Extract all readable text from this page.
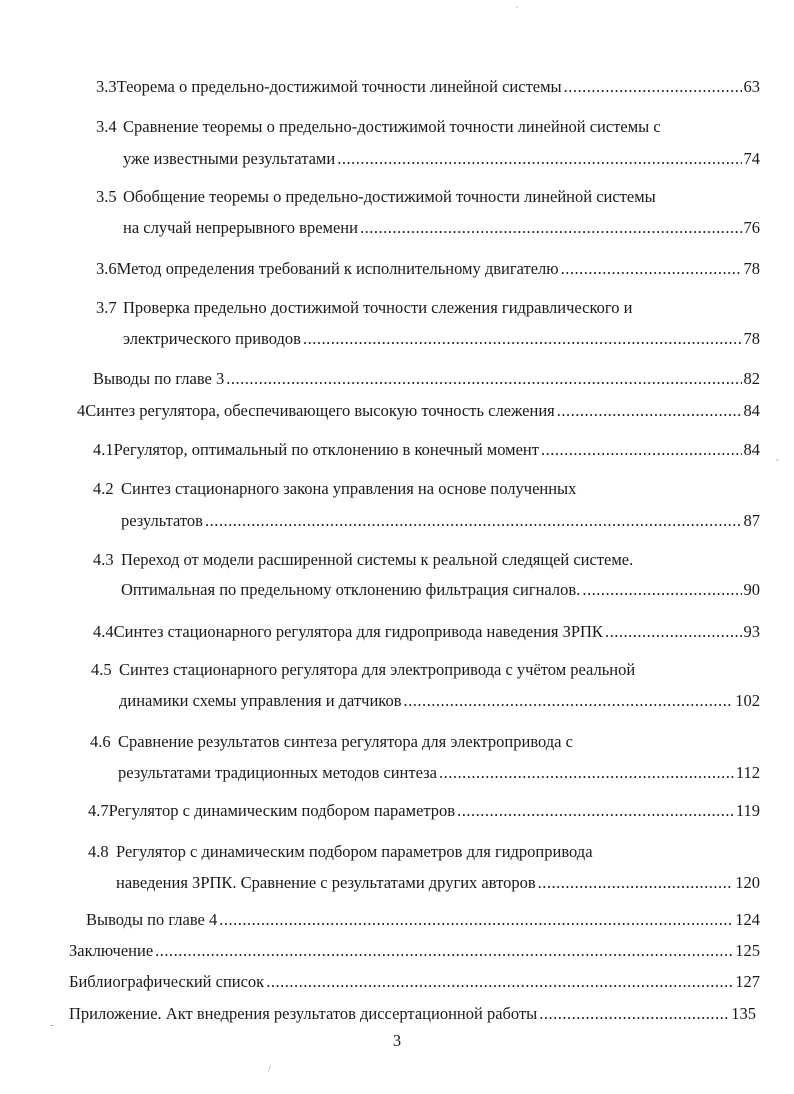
3.3 Теорема о предельно-достижимой точности линейной системы .....	63
3.4 Сравнение теоремы о предельно-достижимой точности линейной системы с
уже известными результатами .....	74
3.5 Обобщение теоремы о предельно-достижимой точности линейной системы
на случай непрерывного времени .....	76
3.6 Метод определения требований к исполнительному двигателю .....	78
3.7 Проверка предельно достижимой точности слежения гидравлического и
электрического приводов .....	78
Выводы по главе 3 .....	82
4 Синтез регулятора, обеспечивающего высокую точность слежения .....	84
4.1 Регулятор, оптимальный по отклонению в конечный момент .....	84
4.2 Синтез стационарного закона управления на основе полученных
результатов .....	87
4.3 Переход от модели расширенной системы к реальной следящей системе.
Оптимальная по предельному отклонению фильтрация сигналов. .....	90
4.4 Синтез стационарного регулятора для гидропривода наведения ЗРПК .....	93
4.5 Синтез стационарного регулятора для электропривода с учётом реальной
динамики схемы управления и датчиков .....	102
4.6 Сравнение результатов синтеза регулятора для электропривода с
результатами традиционных методов синтеза .....	112
4.7 Регулятор с динамическим подбором параметров .....	119
4.8 Регулятор с динамическим подбором параметров для гидропривода
наведения ЗРПК. Сравнение с результатами других авторов .....	120
Выводы по главе 4 .....	124
Заключение .....	125
Библиографический список .....	127
Приложение. Акт внедрения результатов диссертационной работы .....	135
3
`
,
-
/
